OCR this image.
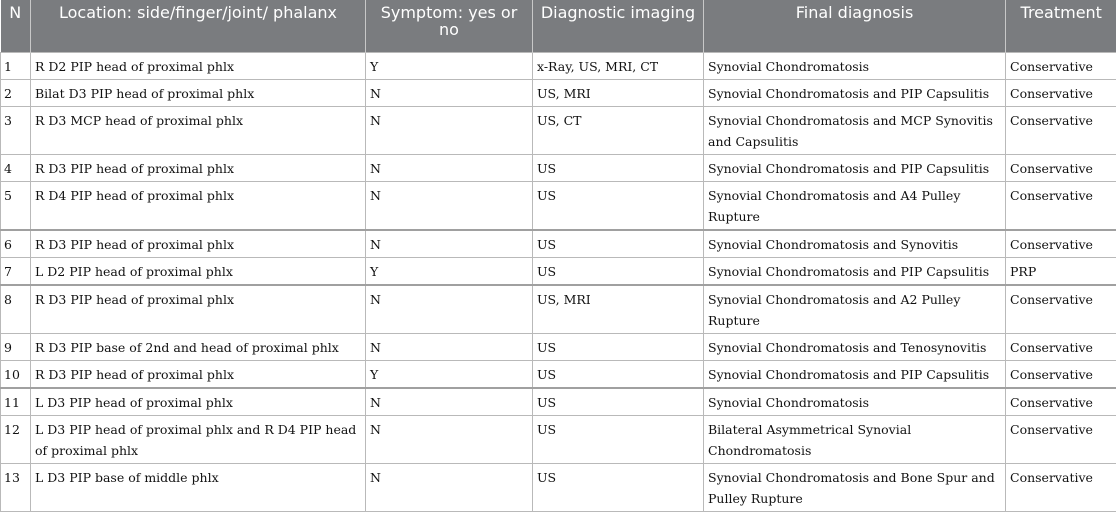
N	Location: side/finger/joint/ phalanx	Symptom: yes or no	Diagnostic imaging	Final diagnosis	Treatment
1	R D2 PIP head of proximal phlx	Y	x-Ray, US, MRI, CT	Synovial Chondromatosis	Conservative
2	Bilat D3 PIP head of proximal phlx	N	US, MRI	Synovial Chondromatosis and PIP Capsulitis	Conservative
3	R D3 MCP head of proximal phlx	N	US, CT	Synovial Chondromatosis and MCP Synovitis and Capsulitis	Conservative
4	R D3 PIP head of proximal phlx	N	US	Synovial Chondromatosis and PIP Capsulitis	Conservative
5	R D4 PIP head of proximal phlx	N	US	Synovial Chondromatosis and A4 Pulley Rupture	Conservative
6	R D3 PIP head of proximal phlx	N	US	Synovial Chondromatosis and Synovitis	Conservative
7	L D2 PIP head of proximal phlx	Y	US	Synovial Chondromatosis and PIP Capsulitis	PRP
8	R D3 PIP head of proximal phlx	N	US, MRI	Synovial Chondromatosis and A2 Pulley Rupture	Conservative
9	R D3 PIP base of 2nd and head of proximal phlx	N	US	Synovial Chondromatosis and Tenosynovitis	Conservative
10	R D3 PIP head of proximal phlx	Y	US	Synovial Chondromatosis and PIP Capsulitis	Conservative
11	L D3 PIP head of proximal phlx	N	US	Synovial Chondromatosis	Conservative
12	L D3 PIP head of proximal phlx and R D4 PIP head of proximal phlx	N	US	Bilateral Asymmetrical Synovial Chondromatosis	Conservative
13	L D3 PIP base of middle phlx	N	US	Synovial Chondromatosis and Bone Spur and Pulley Rupture	Conservative
